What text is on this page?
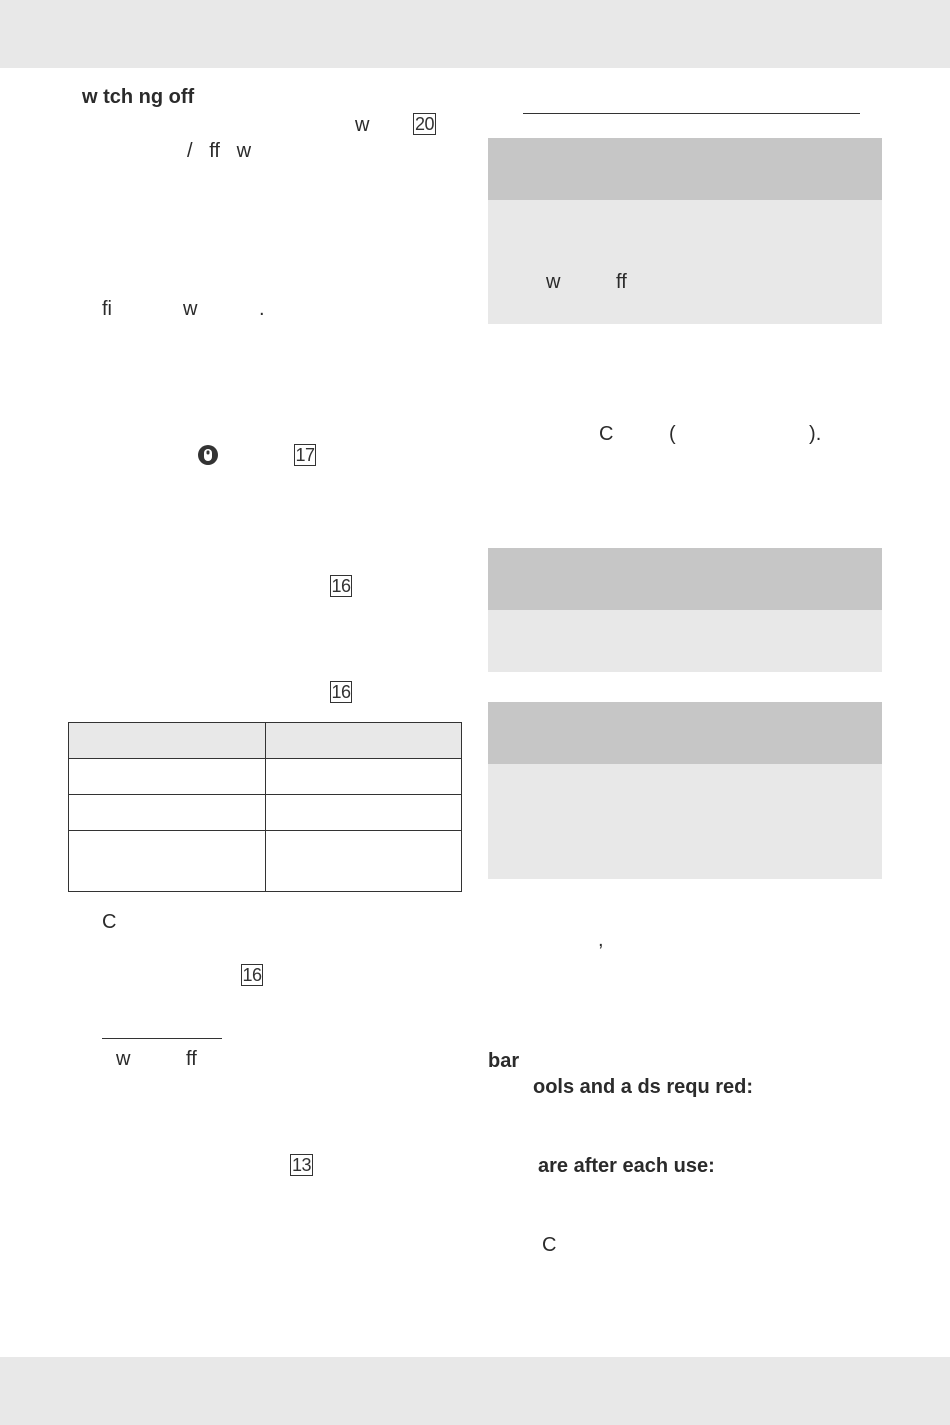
w tch ng off
w	20
/   ff   w
fi	w	.
17
16
16

C
16
w          ff
13
w          ff
C          (                        ).
,
bar
ools and a ds requ red:
are after each use:
C
